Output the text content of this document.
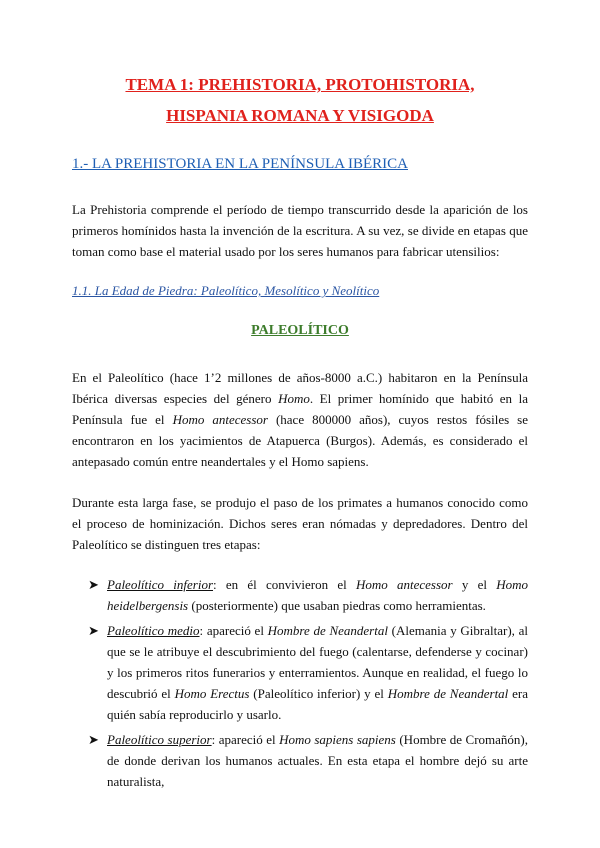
TEMA 1: PREHISTORIA, PROTOHISTORIA,
HISPANIA ROMANA Y VISIGODA
1.- LA PREHISTORIA EN LA PENÍNSULA IBÉRICA

La Prehistoria comprende el período de tiempo transcurrido desde la aparición de los primeros homínidos hasta la invención de la escritura. A su vez, se divide en etapas que toman como base el material usado por los seres humanos para fabricar utensilios:

1.1. La Edad de Piedra: Paleolítico, Mesolítico y Neolítico
PALEOLÍTICO

En el Paleolítico (hace 1’2 millones de años-8000 a.C.) habitaron en la Península Ibérica diversas especies del género Homo. El primer homínido que habitó en la Península fue el Homo antecessor (hace 800000 años), cuyos restos fósiles se encontraron en los yacimientos de Atapuerca (Burgos). Además, es considerado el antepasado común entre neandertales y el Homo sapiens.

Durante esta larga fase, se produjo el paso de los primates a humanos conocido como el proceso de hominización. Dichos seres eran nómadas y depredadores. Dentro del Paleolítico se distinguen tres etapas:

➤ Paleolítico inferior: en él convivieron el Homo antecessor y el Homo heidelbergensis (posteriormente) que usaban piedras como herramientas.
➤ Paleolítico medio: apareció el Hombre de Neandertal (Alemania y Gibraltar), al que se le atribuye el descubrimiento del fuego (calentarse, defenderse y cocinar) y los primeros ritos funerarios y enterramientos. Aunque en realidad, el fuego lo descubrió el Homo Erectus (Paleolítico inferior) y el Hombre de Neandertal era quién sabía reproducirlo y usarlo.
➤ Paleolítico superior: apareció el Homo sapiens sapiens (Hombre de Cromañón), de donde derivan los humanos actuales. En esta etapa el hombre dejó su arte naturalista,
